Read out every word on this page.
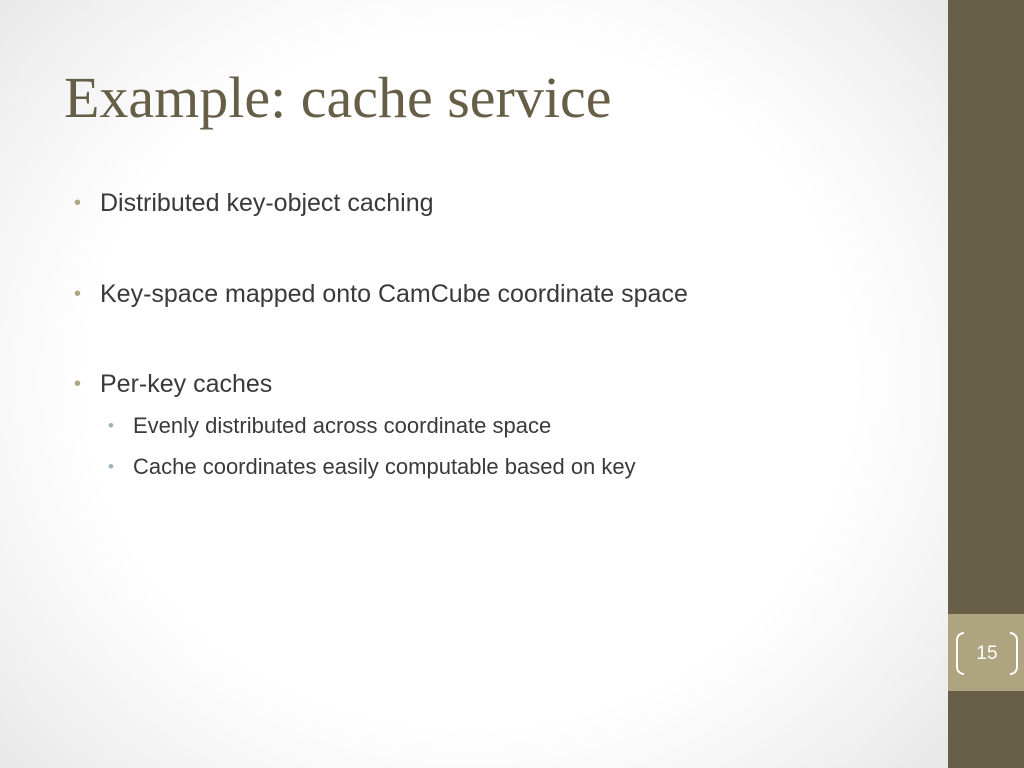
Example: cache service
• Distributed key-object caching
• Key-space mapped onto CamCube coordinate space
• Per-key caches
• Evenly distributed across coordinate space
• Cache coordinates easily computable based on key
15
